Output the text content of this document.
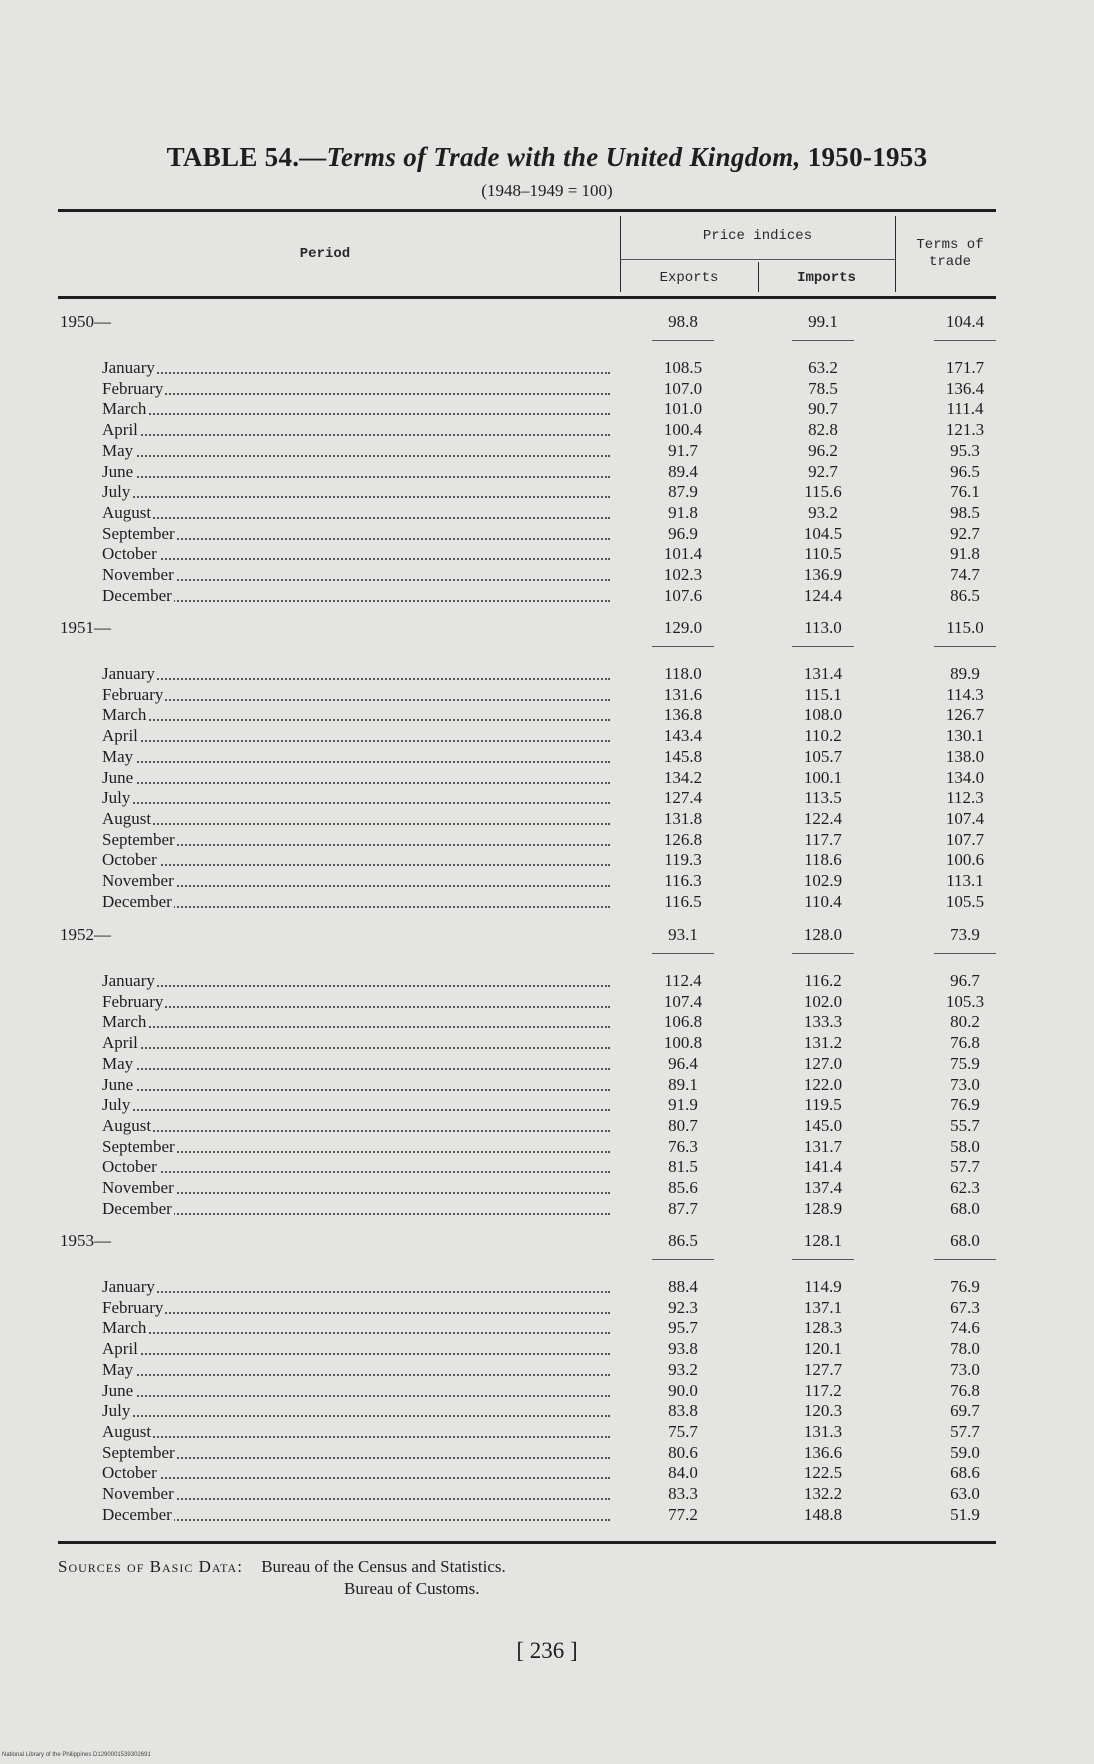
TABLE 54.—Terms of Trade with the United Kingdom, 1950-1953
(1948–1949 = 100)
Period
Price indices
Exports	Imports
Terms of
trade
1950—	98.8	99.1	104.4
January	108.5	63.2	171.7
February	107.0	78.5	136.4
March	101.0	90.7	111.4
April	100.4	82.8	121.3
May	91.7	96.2	95.3
June	89.4	92.7	96.5
July	87.9	115.6	76.1
August	91.8	93.2	98.5
September	96.9	104.5	92.7
October	101.4	110.5	91.8
November	102.3	136.9	74.7
December	107.6	124.4	86.5
1951—	129.0	113.0	115.0
January	118.0	131.4	89.9
February	131.6	115.1	114.3
March	136.8	108.0	126.7
April	143.4	110.2	130.1
May	145.8	105.7	138.0
June	134.2	100.1	134.0
July	127.4	113.5	112.3
August	131.8	122.4	107.4
September	126.8	117.7	107.7
October	119.3	118.6	100.6
November	116.3	102.9	113.1
December	116.5	110.4	105.5
1952—	93.1	128.0	73.9
January	112.4	116.2	96.7
February	107.4	102.0	105.3
March	106.8	133.3	80.2
April	100.8	131.2	76.8
May	96.4	127.0	75.9
June	89.1	122.0	73.0
July	91.9	119.5	76.9
August	80.7	145.0	55.7
September	76.3	131.7	58.0
October	81.5	141.4	57.7
November	85.6	137.4	62.3
December	87.7	128.9	68.0
1953—	86.5	128.1	68.0
January	88.4	114.9	76.9
February	92.3	137.1	67.3
March	95.7	128.3	74.6
April	93.8	120.1	78.0
May	93.2	127.7	73.0
June	90.0	117.2	76.8
July	83.8	120.3	69.7
August	75.7	131.3	57.7
September	80.6	136.6	59.0
October	84.0	122.5	68.6
November	83.3	132.2	63.0
December	77.2	148.8	51.9
Sources of Basic Data: Bureau of the Census and Statistics.
Bureau of Customs.
[ 236 ]
National Library of the Philippines D1290001539302691
